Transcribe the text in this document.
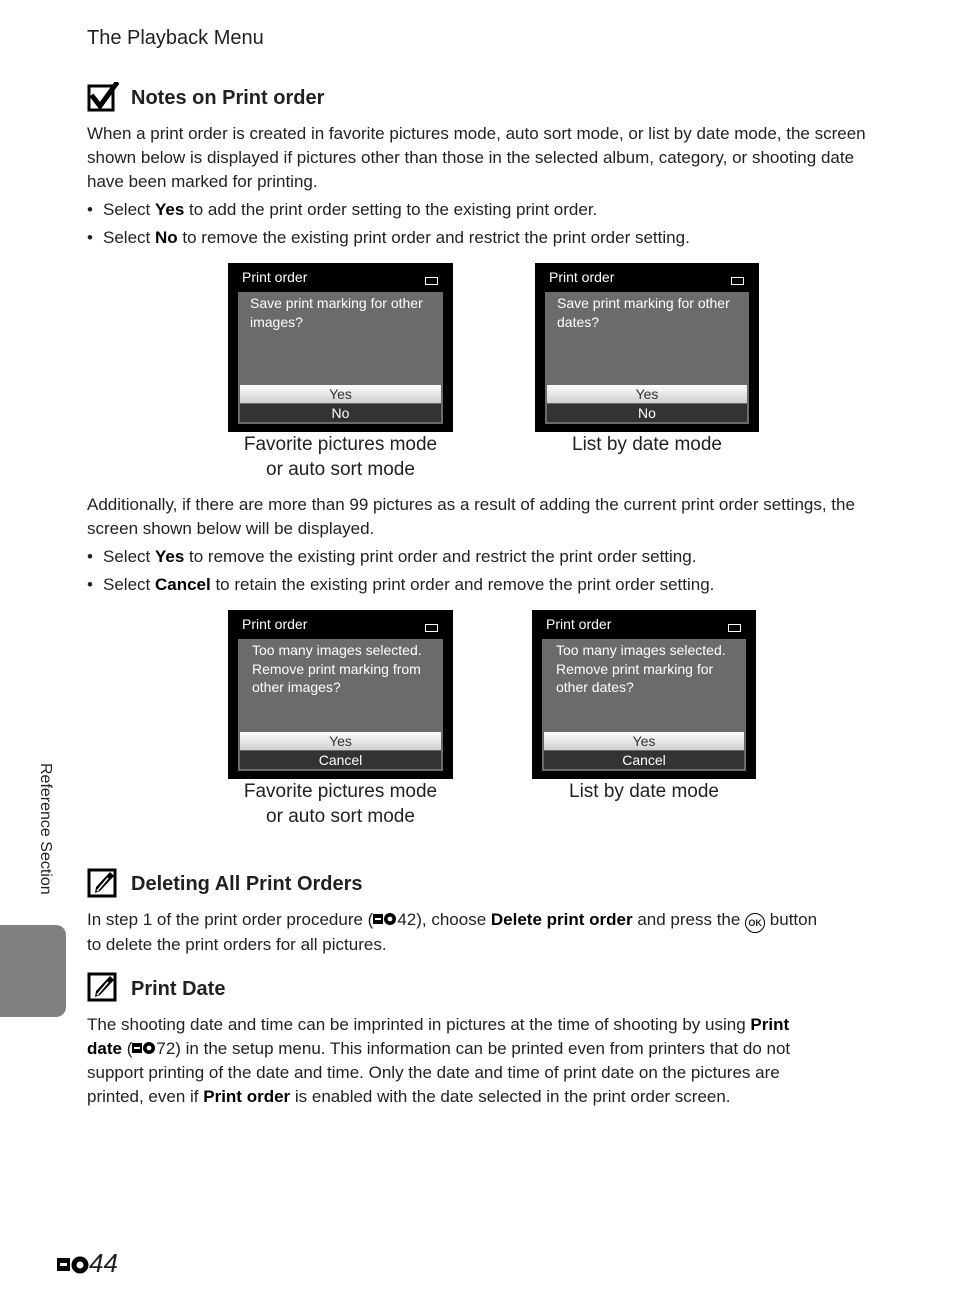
The Playback Menu
Notes on Print order
When a print order is created in favorite pictures mode, auto sort mode, or list by date mode, the screen shown below is displayed if pictures other than those in the selected album, category, or shooting date have been marked for printing.
• Select Yes to add the print order setting to the existing print order.
• Select No to remove the existing print order and restrict the print order setting.
Print order
Save print marking for other
images?
Yes
No
Favorite pictures mode
or auto sort mode
Print order
Save print marking for other
dates?
Yes
No
List by date mode
Additionally, if there are more than 99 pictures as a result of adding the current print order settings, the screen shown below will be displayed.
• Select Yes to remove the existing print order and restrict the print order setting.
• Select Cancel to retain the existing print order and remove the print order setting.
Print order
Too many images selected.
Remove print marking from
other images?
Yes
Cancel
Favorite pictures mode
or auto sort mode
Print order
Too many images selected.
Remove print marking for
other dates?
Yes
Cancel
List by date mode
Deleting All Print Orders
In step 1 of the print order procedure ( 42), choose Delete print order and press the OK button
to delete the print orders for all pictures.
Print Date
The shooting date and time can be imprinted in pictures at the time of shooting by using Print
date ( 72) in the setup menu. This information can be printed even from printers that do not
support printing of the date and time. Only the date and time of print date on the pictures are
printed, even if Print order is enabled with the date selected in the print order screen.
Reference Section
44
